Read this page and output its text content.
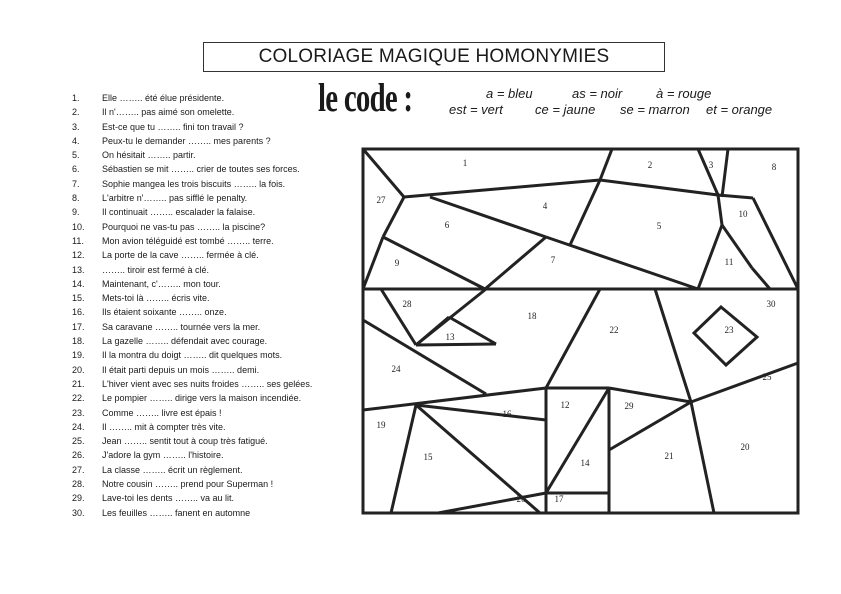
COLORIAGE MAGIQUE HOMONYMIES
le code :	a = bleu	as = noir	à = rouge
est = vert ce = jaune se = marron et = orange
1.	Elle …….. été élue présidente.
2.	Il n'…….. pas aimé son omelette.
3.	Est-ce que tu …….. fini ton travail ?
4.	Peux-tu le demander …….. mes parents ?
5.	On hésitait …….. partir.
6.	Sébastien se mit …….. crier de toutes ses forces.
7.	Sophie mangea les trois biscuits …….. la fois.
8.	L'arbitre n'…….. pas sifflé le penalty.
9.	Il continuait …….. escalader la falaise.
10.	Pourquoi ne vas-tu pas …….. la piscine?
11.	Mon avion téléguidé est tombé …….. terre.
12.	La porte de la cave …….. fermée à clé.
13.	…….. tiroir est fermé à clé.
14.	Maintenant, c'…….. mon tour.
15.	Mets-toi là …….. écris vite.
16.	Ils étaient soixante …….. onze.
17.	Sa caravane …….. tournée vers la mer.
18.	La gazelle …….. défendait avec courage.
19.	Il la montra du doigt …….. dit quelques mots.
20.	Il était parti depuis un mois …….. demi.
21.	L'hiver vient avec ses nuits froides …….. ses gelées.
22.	Le pompier …….. dirige vers la maison incendiée.
23.	Comme …….. livre est épais !
24.	Il …….. mit à compter très vite.
25.	Jean …….. sentit tout à coup très fatigué.
26.	J'adore la gym …….. l'histoire.
27.	La classe …….. écrit un règlement.
28.	Notre cousin …….. prend pour Superman !
29.	Lave-toi les dents …….. va au lit.
30.	Les feuilles …….. fanent en automne
1	2	3
4
5
6
7
8
9
10
11
12
13
14
15
16
17
18
19
20
21
22	23
24
25
26
27
28
29
30
